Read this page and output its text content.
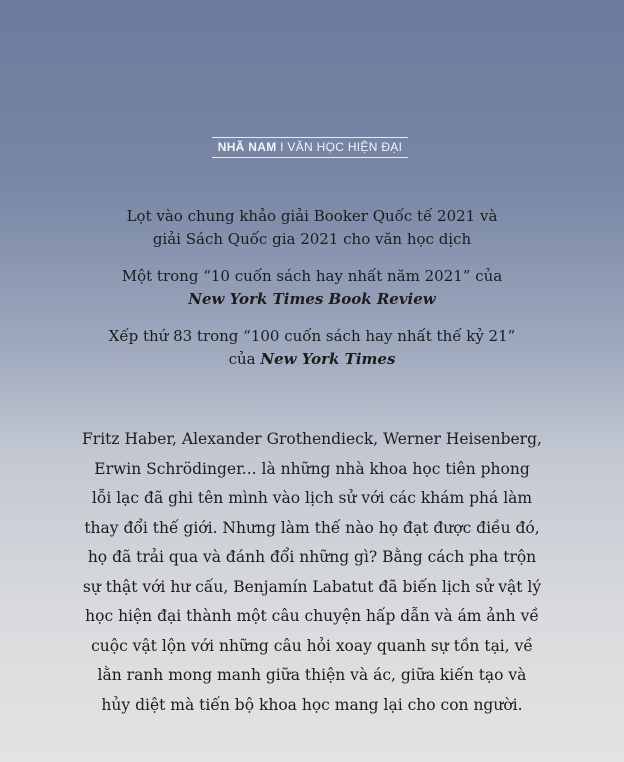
NHÃ NAM I VĂN HỌC HIỆN ĐẠI
Lọt vào chung khảo giải Booker Quốc tế 2021 và
giải Sách Quốc gia 2021 cho văn học dịch
Một trong “10 cuốn sách hay nhất năm 2021” của
New York Times Book Review
Xếp thứ 83 trong “100 cuốn sách hay nhất thế kỷ 21”
của New York Times
Fritz Haber, Alexander Grothendieck, Werner Heisenberg,
Erwin Schrödinger... là những nhà khoa học tiên phong
lỗi lạc đã ghi tên mình vào lịch sử với các khám phá làm
thay đổi thế giới. Nhưng làm thế nào họ đạt được điều đó,
họ đã trải qua và đánh đổi những gì? Bằng cách pha trộn
sự thật với hư cấu, Benjamín Labatut đã biến lịch sử vật lý
học hiện đại thành một câu chuyện hấp dẫn và ám ảnh về
cuộc vật lộn với những câu hỏi xoay quanh sự tồn tại, về
lằn ranh mong manh giữa thiện và ác, giữa kiến tạo và
hủy diệt mà tiến bộ khoa học mang lại cho con người.
